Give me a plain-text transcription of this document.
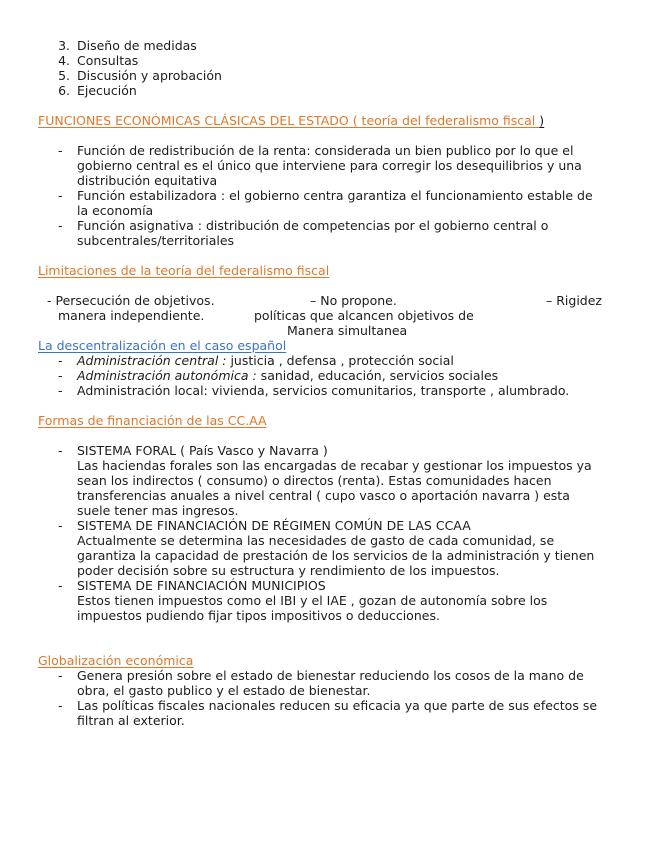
3. Diseño de medidas
4. Consultas
5. Discusión y aprobación
6. Ejecución
FUNCIONES ECONÓMICAS CLÁSICAS DEL ESTADO ( teoría del federalismo fiscal )
- Función de redistribución de la renta: considerada un bien publico por lo que el
gobierno central es el único que interviene para corregir los desequilibrios y una
distribución equitativa
- Función estabilizadora : el gobierno centra garantiza el funcionamiento estable de
la economía
- Función asignativa : distribución de competencias por el gobierno central o
subcentrales/territoriales
Limitaciones de la teoría del federalismo fiscal
- Persecución de objetivos.	– No propone.	– Rigidez
manera independiente.	políticas que alcancen objetivos de
Manera simultanea
La descentralización en el caso español
- Administración central : justicia , defensa , protección social
- Administración autonómica : sanidad, educación, servicios sociales
- Administración local: vivienda, servicios comunitarios, transporte , alumbrado.
Formas de financiación de las CC.AA
- SISTEMA FORAL ( País Vasco y Navarra )
Las haciendas forales son las encargadas de recabar y gestionar los impuestos ya
sean los indirectos ( consumo) o directos (renta). Estas comunidades hacen
transferencias anuales a nivel central ( cupo vasco o aportación navarra ) esta
suele tener mas ingresos.
- SISTEMA DE FINANCIACIÓN DE RÉGIMEN COMÚN DE LAS CCAA
Actualmente se determina las necesidades de gasto de cada comunidad, se
garantiza la capacidad de prestación de los servicios de la administración y tienen
poder decisión sobre su estructura y rendimiento de los impuestos.
- SISTEMA DE FINANCIACIÓN MUNICIPIOS
Estos tienen impuestos como el IBI y el IAE , gozan de autonomía sobre los
impuestos pudiendo fijar tipos impositivos o deducciones.
Globalización económica
- Genera presión sobre el estado de bienestar reduciendo los cosos de la mano de
obra, el gasto publico y el estado de bienestar.
- Las políticas fiscales nacionales reducen su eficacia ya que parte de sus efectos se
filtran al exterior.
